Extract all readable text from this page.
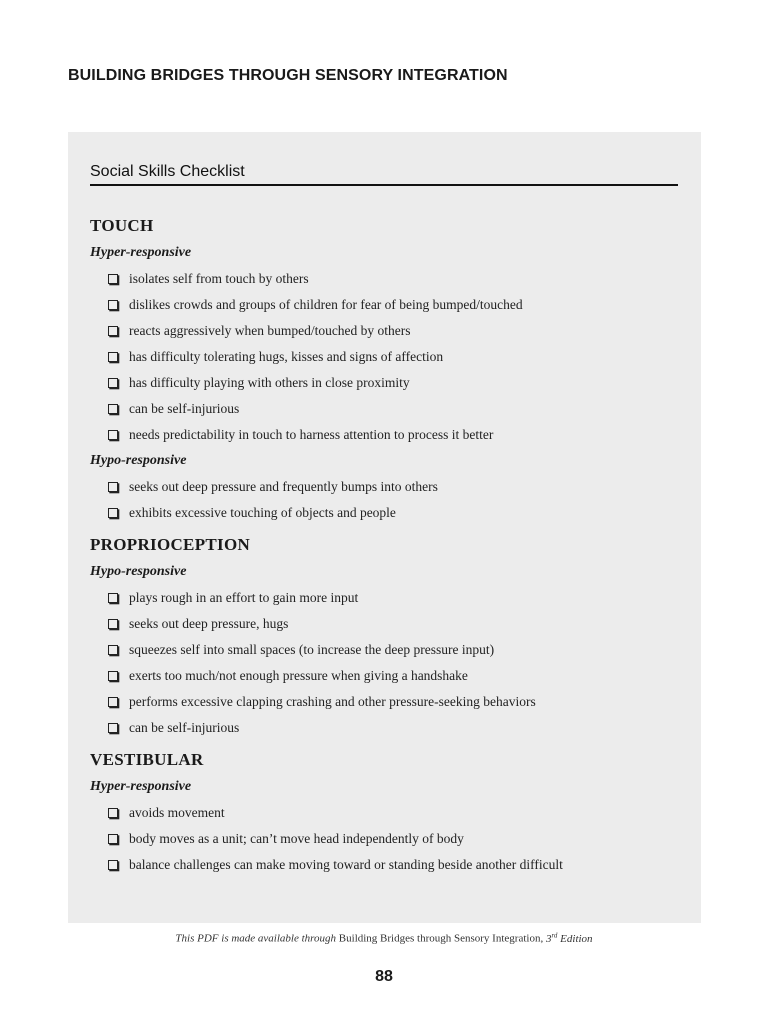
BUILDING BRIDGES THROUGH SENSORY INTEGRATION
Social Skills Checklist
TOUCH
Hyper-responsive
isolates self from touch by others
dislikes crowds and groups of children for fear of being bumped/touched
reacts aggressively when bumped/touched by others
has difficulty tolerating hugs, kisses and signs of affection
has difficulty playing with others in close proximity
can be self-injurious
needs predictability in touch to harness attention to process it better
Hypo-responsive
seeks out deep pressure and frequently bumps into others
exhibits excessive touching of objects and people
PROPRIOCEPTION
Hypo-responsive
plays rough in an effort to gain more input
seeks out deep pressure, hugs
squeezes self into small spaces (to increase the deep pressure input)
exerts too much/not enough pressure when giving a handshake
performs excessive clapping crashing and other pressure-seeking behaviors
can be self-injurious
VESTIBULAR
Hyper-responsive
avoids movement
body moves as a unit; can’t move head independently of body
balance challenges can make moving toward or standing beside another difficult
This PDF is made available through Building Bridges through Sensory Integration, 3rd Edition
88
